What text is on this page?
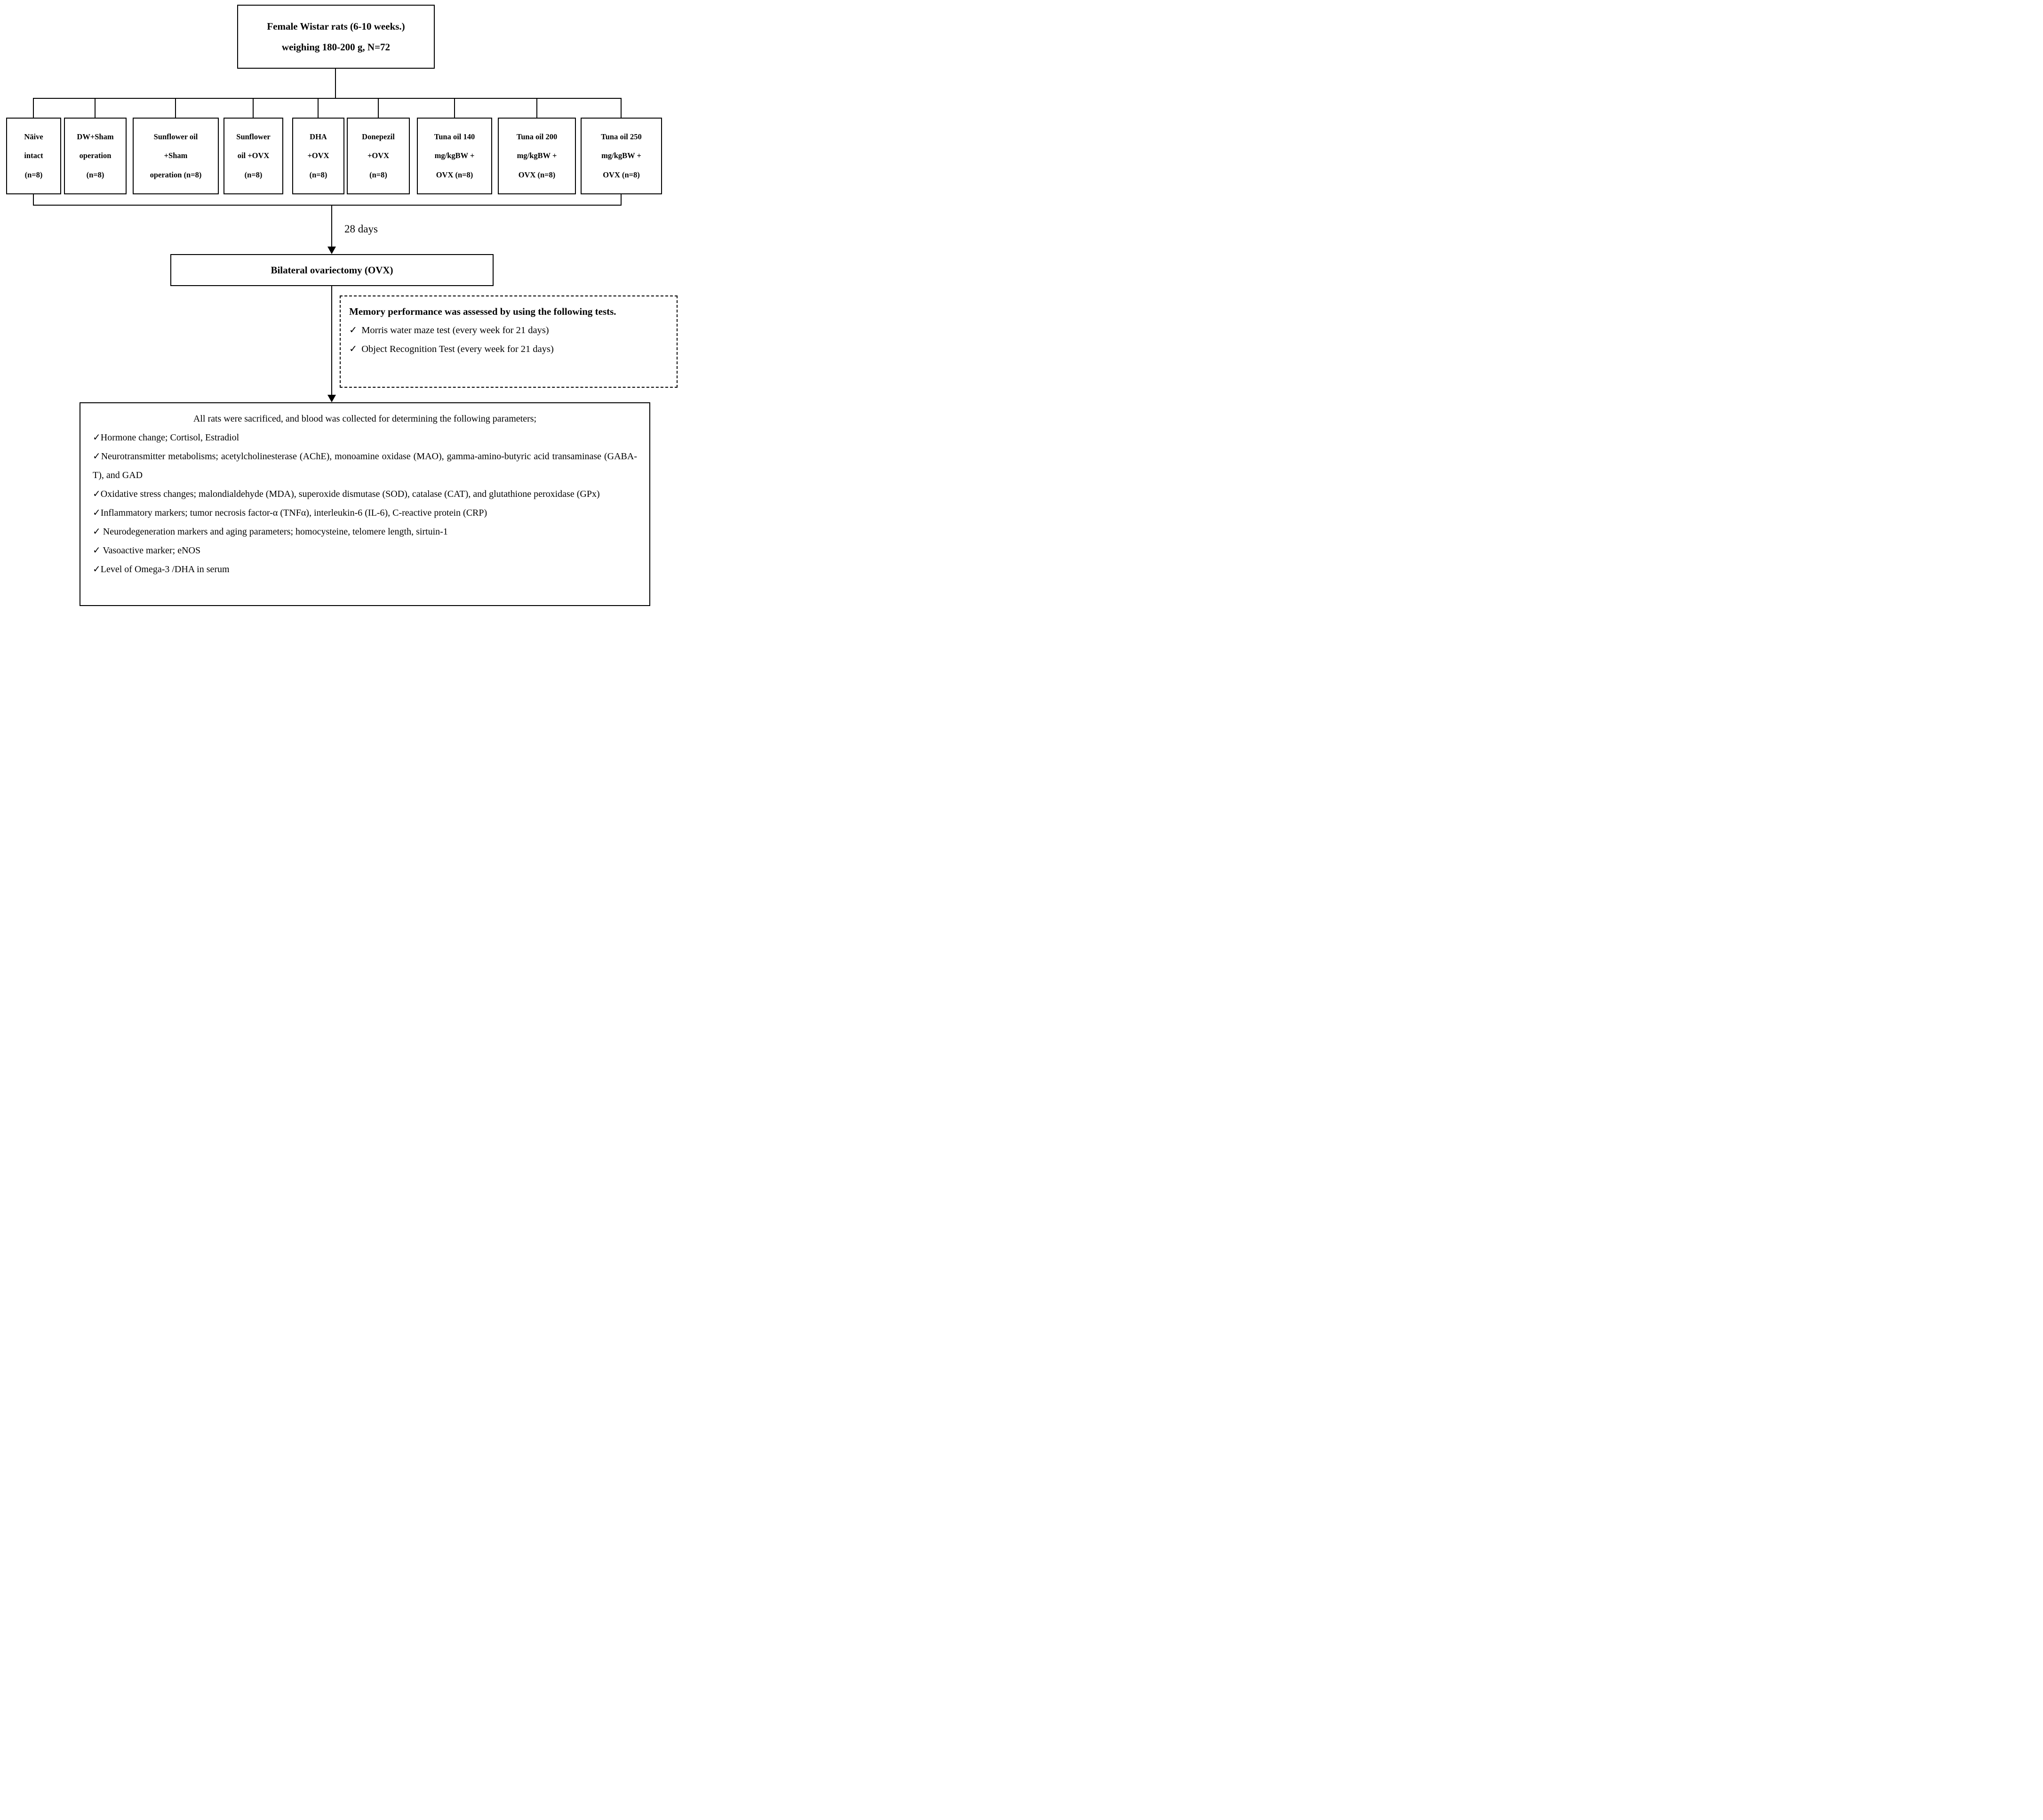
Female Wistar rats (6-10 weeks.)
weighing 180-200 g, N=72
Näive
intact
(n=8)
DW+Sham
operation
(n=8)
Sunflower oil
+Sham
operation (n=8)
Sunflower
oil +OVX
(n=8)
DHA
+OVX
(n=8)
Donepezil
+OVX
(n=8)
Tuna oil 140
mg/kgBW +
OVX (n=8)
Tuna oil 200
mg/kgBW +
OVX (n=8)
Tuna oil 250
mg/kgBW +
OVX (n=8)
28 days
Bilateral ovariectomy (OVX)
Memory performance was assessed by using the following tests.
✓ Morris water maze test (every week for 21 days)
✓ Object Recognition Test (every week for 21 days)
All rats were sacrificed, and blood was collected for determining the following parameters;
✓Hormone change; Cortisol, Estradiol
✓Neurotransmitter metabolisms; acetylcholinesterase (AChE), monoamine oxidase (MAO), gamma-amino-butyric acid transaminase (GABA-T), and GAD
✓Oxidative stress changes; malondialdehyde (MDA), superoxide dismutase (SOD), catalase (CAT), and glutathione peroxidase (GPx)
✓Inflammatory markers; tumor necrosis factor-α (TNFα), interleukin-6 (IL-6), C-reactive protein (CRP)
✓ Neurodegeneration markers and aging parameters; homocysteine, telomere length, sirtuin-1
✓ Vasoactive marker; eNOS
✓Level of Omega-3 /DHA in serum
